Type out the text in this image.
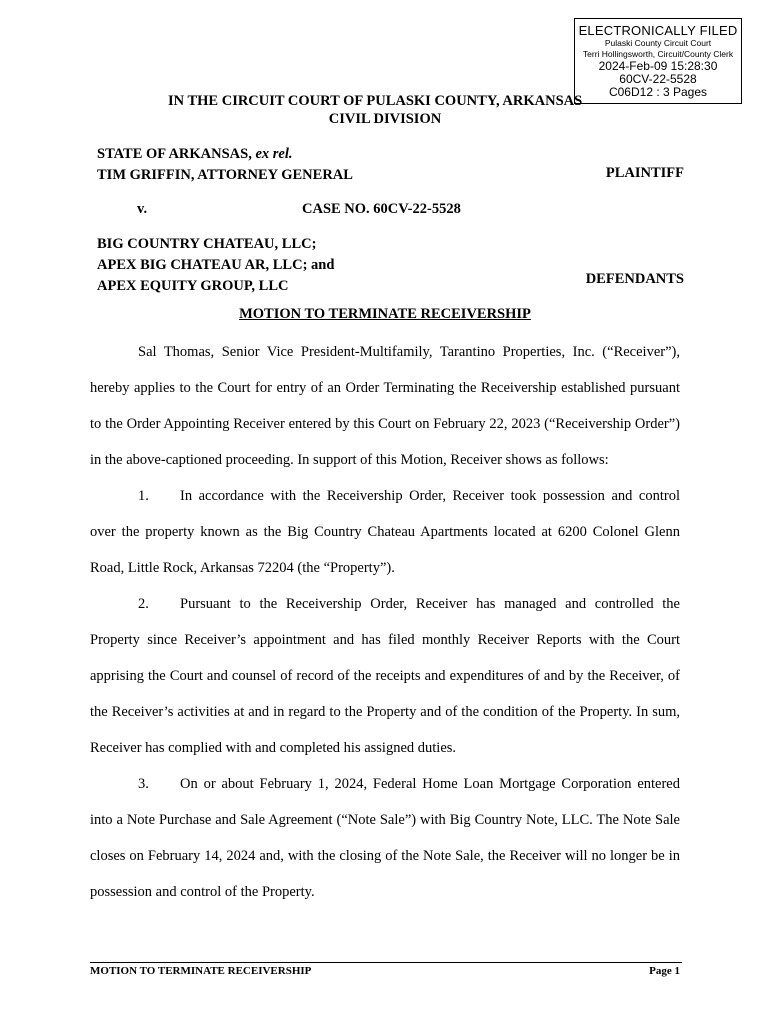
ELECTRONICALLY FILED
Pulaski County Circuit Court
Terri Hollingsworth, Circuit/County Clerk
2024-Feb-09 15:28:30
60CV-22-5528
C06D12 : 3 Pages
IN THE CIRCUIT COURT OF PULASKI COUNTY, ARKANSAS
CIVIL DIVISION
STATE OF ARKANSAS, ex rel.
TIM GRIFFIN, ATTORNEY GENERAL	PLAINTIFF
v.	CASE NO. 60CV-22-5528
BIG COUNTRY CHATEAU, LLC;
APEX BIG CHATEAU AR, LLC; and
APEX EQUITY GROUP, LLC	DEFENDANTS
MOTION TO TERMINATE RECEIVERSHIP

Sal Thomas, Senior Vice President-Multifamily, Tarantino Properties, Inc. (“Receiver”), hereby applies to the Court for entry of an Order Terminating the Receivership established pursuant to the Order Appointing Receiver entered by this Court on February 22, 2023 (“Receivership Order”) in the above-captioned proceeding. In support of this Motion, Receiver shows as follows:

1. In accordance with the Receivership Order, Receiver took possession and control over the property known as the Big Country Chateau Apartments located at 6200 Colonel Glenn Road, Little Rock, Arkansas 72204 (the “Property”).

2. Pursuant to the Receivership Order, Receiver has managed and controlled the Property since Receiver’s appointment and has filed monthly Receiver Reports with the Court apprising the Court and counsel of record of the receipts and expenditures of and by the Receiver, of the Receiver’s activities at and in regard to the Property and of the condition of the Property. In sum, Receiver has complied with and completed his assigned duties.

3. On or about February 1, 2024, Federal Home Loan Mortgage Corporation entered into a Note Purchase and Sale Agreement (“Note Sale”) with Big Country Note, LLC. The Note Sale closes on February 14, 2024 and, with the closing of the Note Sale, the Receiver will no longer be in possession and control of the Property.

MOTION TO TERMINATE RECEIVERSHIP	Page 1
